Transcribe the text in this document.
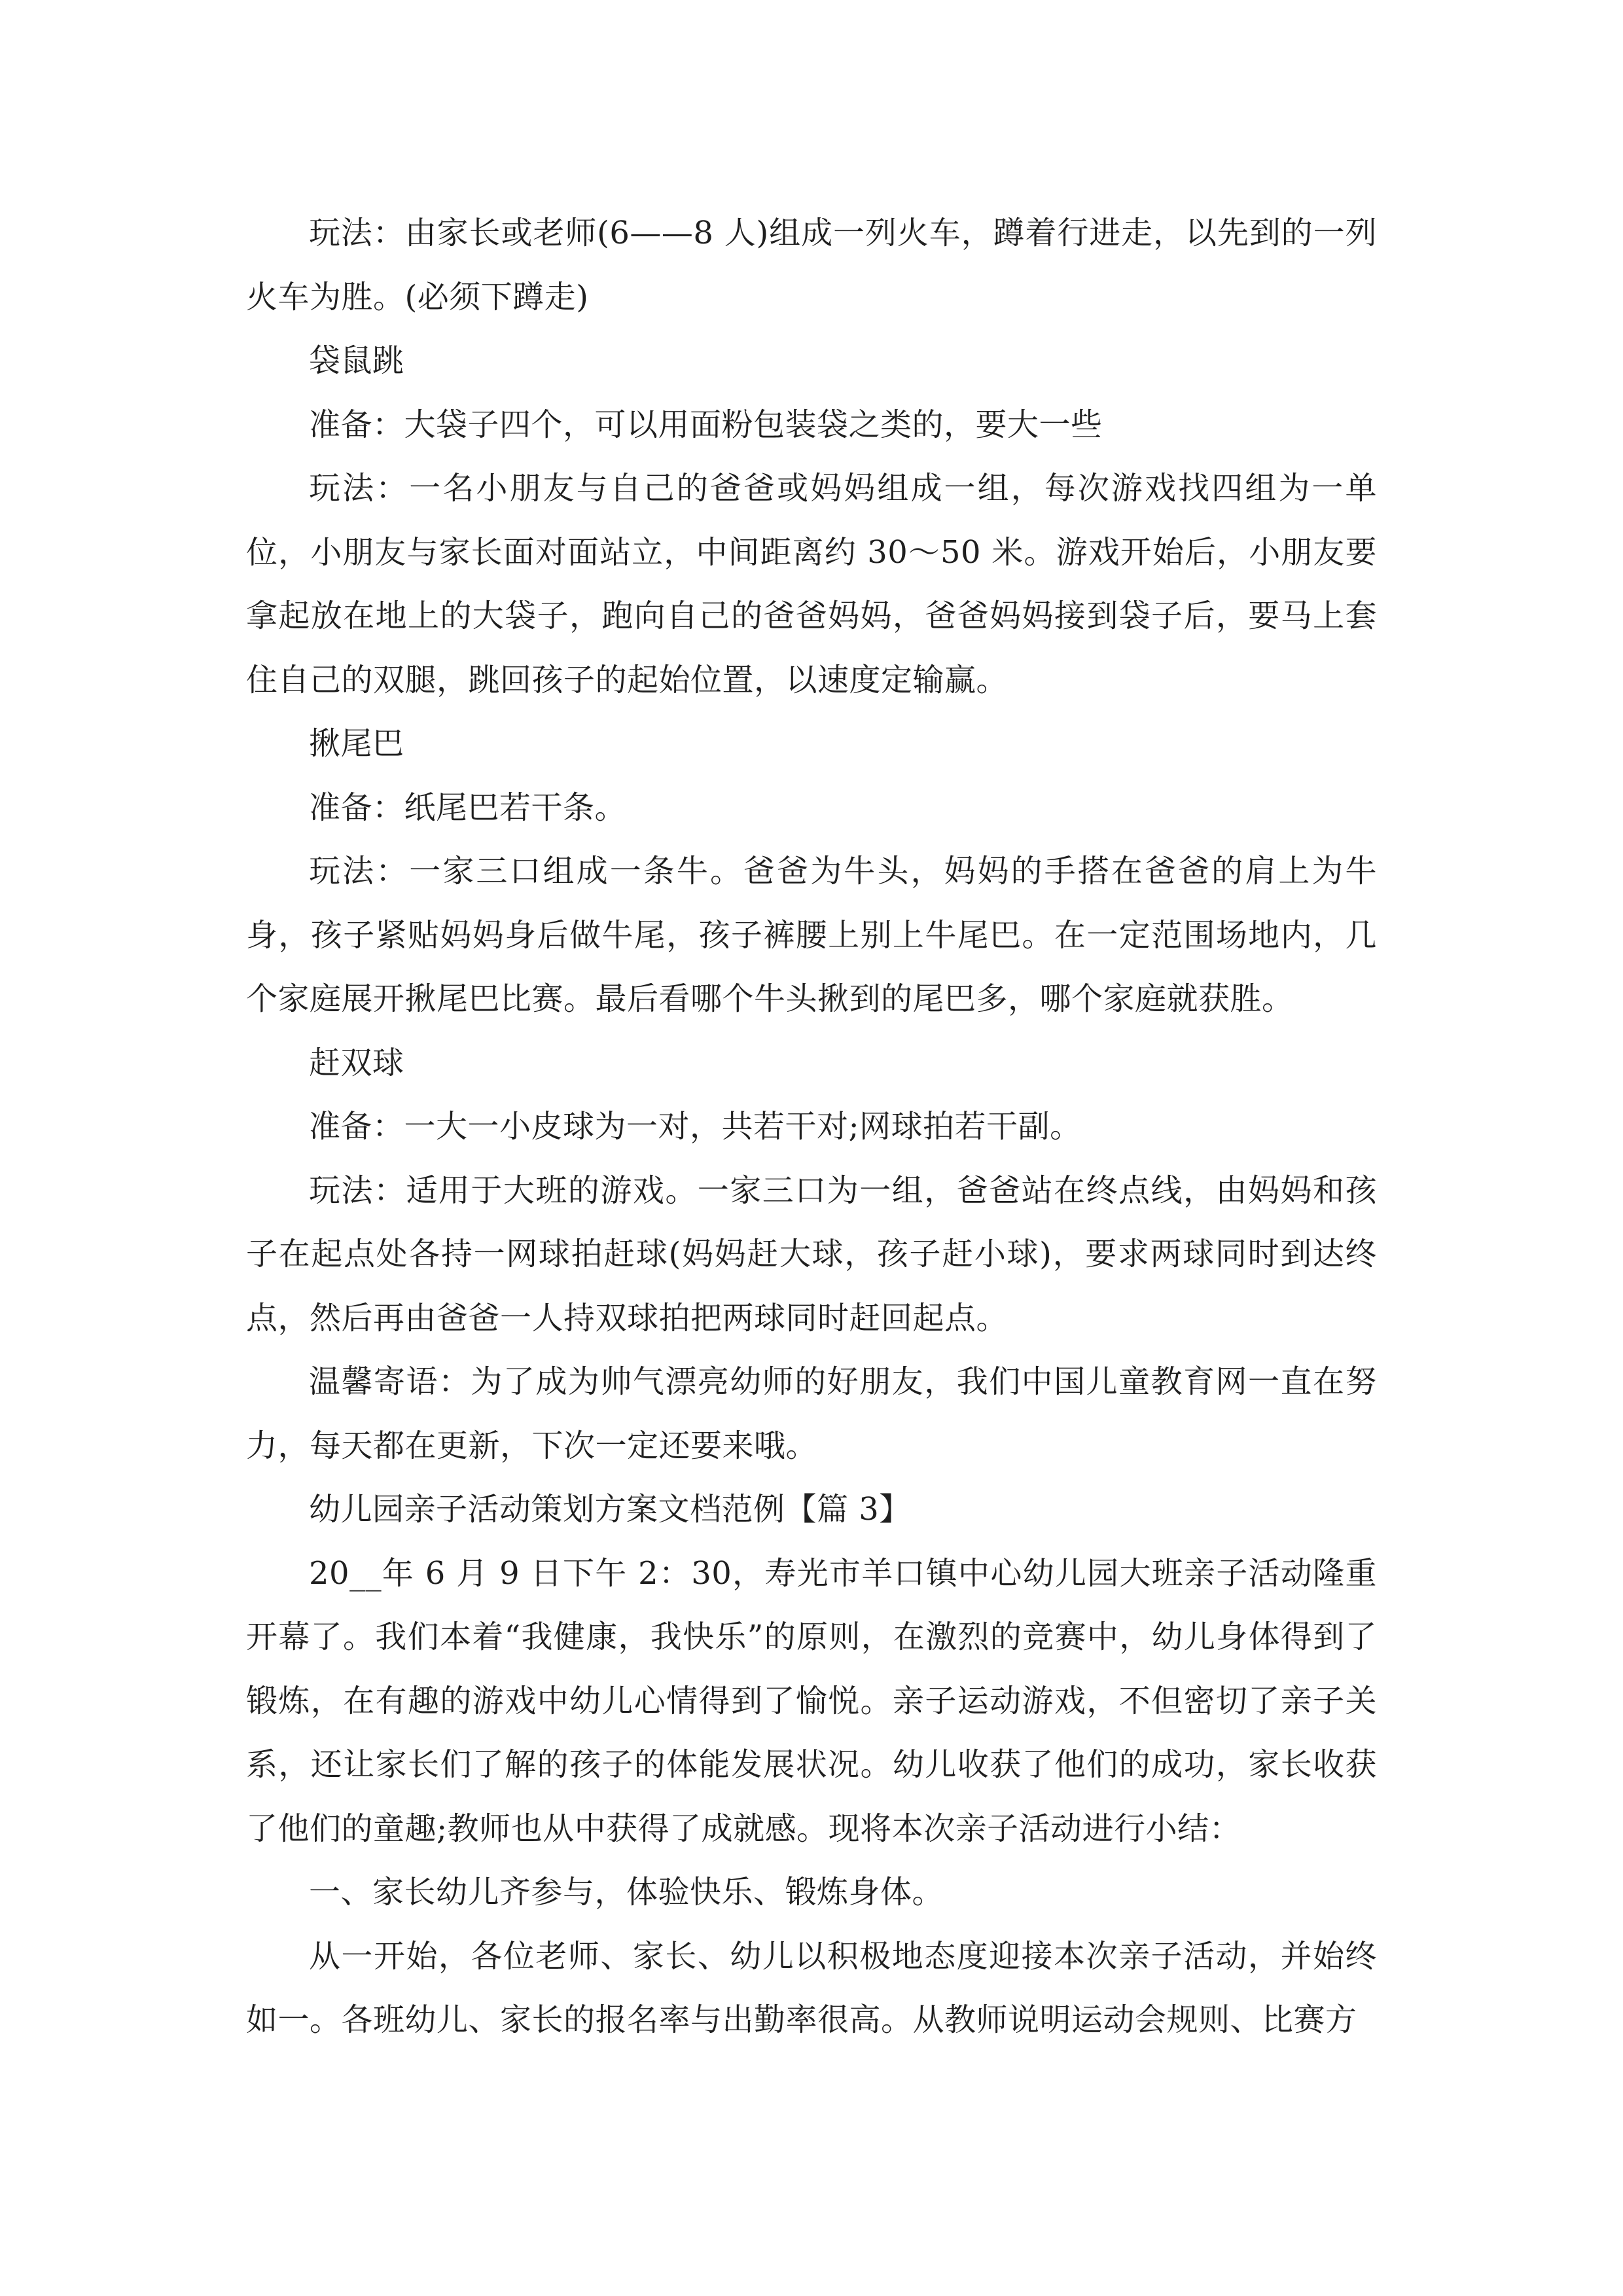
玩法：由家长或老师(6——8 人)组成一列火车，蹲着行进走，以先到的一列火车为胜。(必须下蹲走)

袋鼠跳

准备：大袋子四个，可以用面粉包装袋之类的，要大一些

玩法：一名小朋友与自己的爸爸或妈妈组成一组，每次游戏找四组为一单位，小朋友与家长面对面站立，中间距离约 30～50 米。游戏开始后，小朋友要拿起放在地上的大袋子，跑向自己的爸爸妈妈，爸爸妈妈接到袋子后，要马上套住自己的双腿，跳回孩子的起始位置，以速度定输赢。

揪尾巴

准备：纸尾巴若干条。

玩法：一家三口组成一条牛。爸爸为牛头，妈妈的手搭在爸爸的肩上为牛身，孩子紧贴妈妈身后做牛尾，孩子裤腰上别上牛尾巴。在一定范围场地内，几个家庭展开揪尾巴比赛。最后看哪个牛头揪到的尾巴多，哪个家庭就获胜。

赶双球

准备：一大一小皮球为一对，共若干对;网球拍若干副。

玩法：适用于大班的游戏。一家三口为一组，爸爸站在终点线，由妈妈和孩子在起点处各持一网球拍赶球(妈妈赶大球，孩子赶小球)，要求两球同时到达终点，然后再由爸爸一人持双球拍把两球同时赶回起点。

温馨寄语：为了成为帅气漂亮幼师的好朋友，我们中国儿童教育网一直在努力，每天都在更新，下次一定还要来哦。

幼儿园亲子活动策划方案文档范例【篇 3】

20__年 6 月 9 日下午 2：30，寿光市羊口镇中心幼儿园大班亲子活动隆重开幕了。我们本着“我健康，我快乐”的原则，在激烈的竞赛中，幼儿身体得到了锻炼，在有趣的游戏中幼儿心情得到了愉悦。亲子运动游戏，不但密切了亲子关系，还让家长们了解的孩子的体能发展状况。幼儿收获了他们的成功，家长收获了他们的童趣;教师也从中获得了成就感。现将本次亲子活动进行小结：

一、家长幼儿齐参与，体验快乐、锻炼身体。

从一开始，各位老师、家长、幼儿以积极地态度迎接本次亲子活动，并始终如一。各班幼儿、家长的报名率与出勤率很高。从教师说明运动会规则、比赛方
